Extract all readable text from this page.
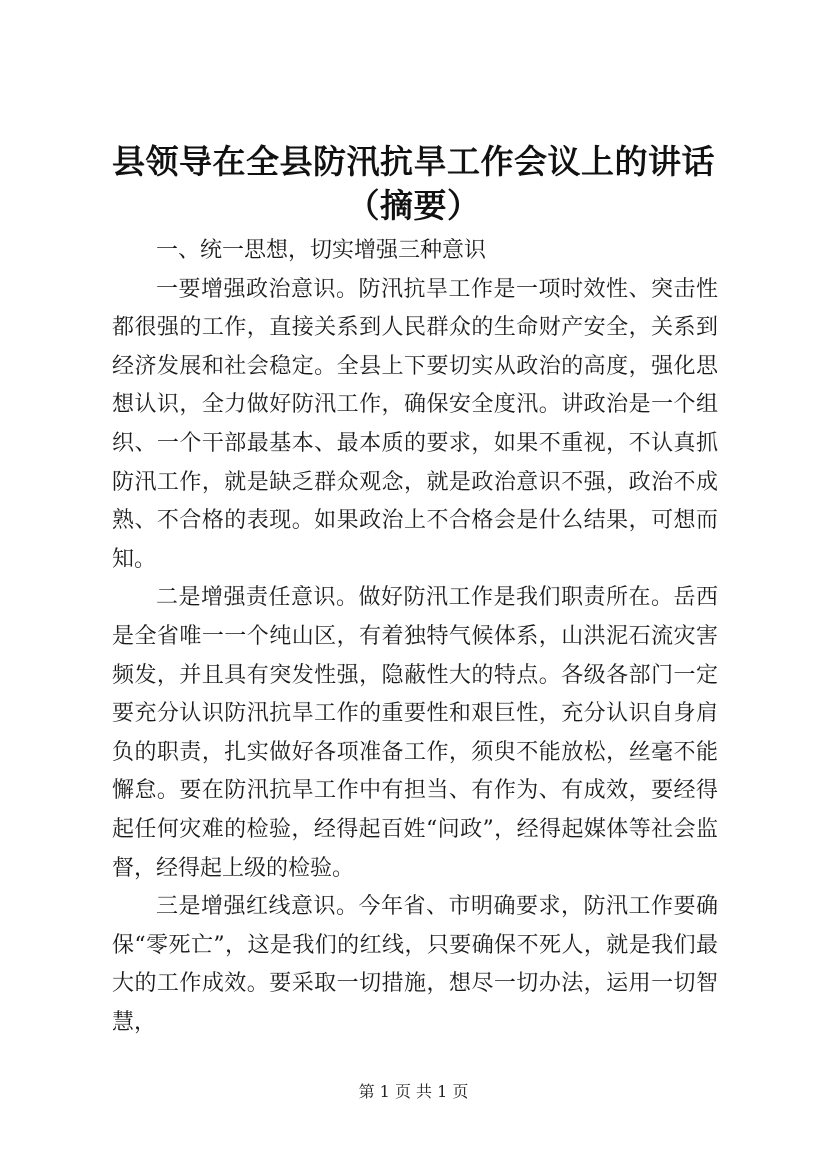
县领导在全县防汛抗旱工作会议上的讲话（摘要）

一、统一思想，切实增强三种意识

一要增强政治意识。防汛抗旱工作是一项时效性、突击性都很强的工作，直接关系到人民群众的生命财产安全，关系到经济发展和社会稳定。全县上下要切实从政治的高度，强化思想认识，全力做好防汛工作，确保安全度汛。讲政治是一个组织、一个干部最基本、最本质的要求，如果不重视，不认真抓防汛工作，就是缺乏群众观念，就是政治意识不强，政治不成熟、不合格的表现。如果政治上不合格会是什么结果，可想而知。

二是增强责任意识。做好防汛工作是我们职责所在。岳西是全省唯一一个纯山区，有着独特气候体系，山洪泥石流灾害频发，并且具有突发性强，隐蔽性大的特点。各级各部门一定要充分认识防汛抗旱工作的重要性和艰巨性，充分认识自身肩负的职责，扎实做好各项准备工作，须臾不能放松，丝毫不能懈怠。要在防汛抗旱工作中有担当、有作为、有成效，要经得起任何灾难的检验，经得起百姓“问政”，经得起媒体等社会监督，经得起上级的检验。

三是增强红线意识。今年省、市明确要求，防汛工作要确保“零死亡”，这是我们的红线，只要确保不死人，就是我们最大的工作成效。要采取一切措施，想尽一切办法，运用一切智慧，

第 1 页 共 1 页
